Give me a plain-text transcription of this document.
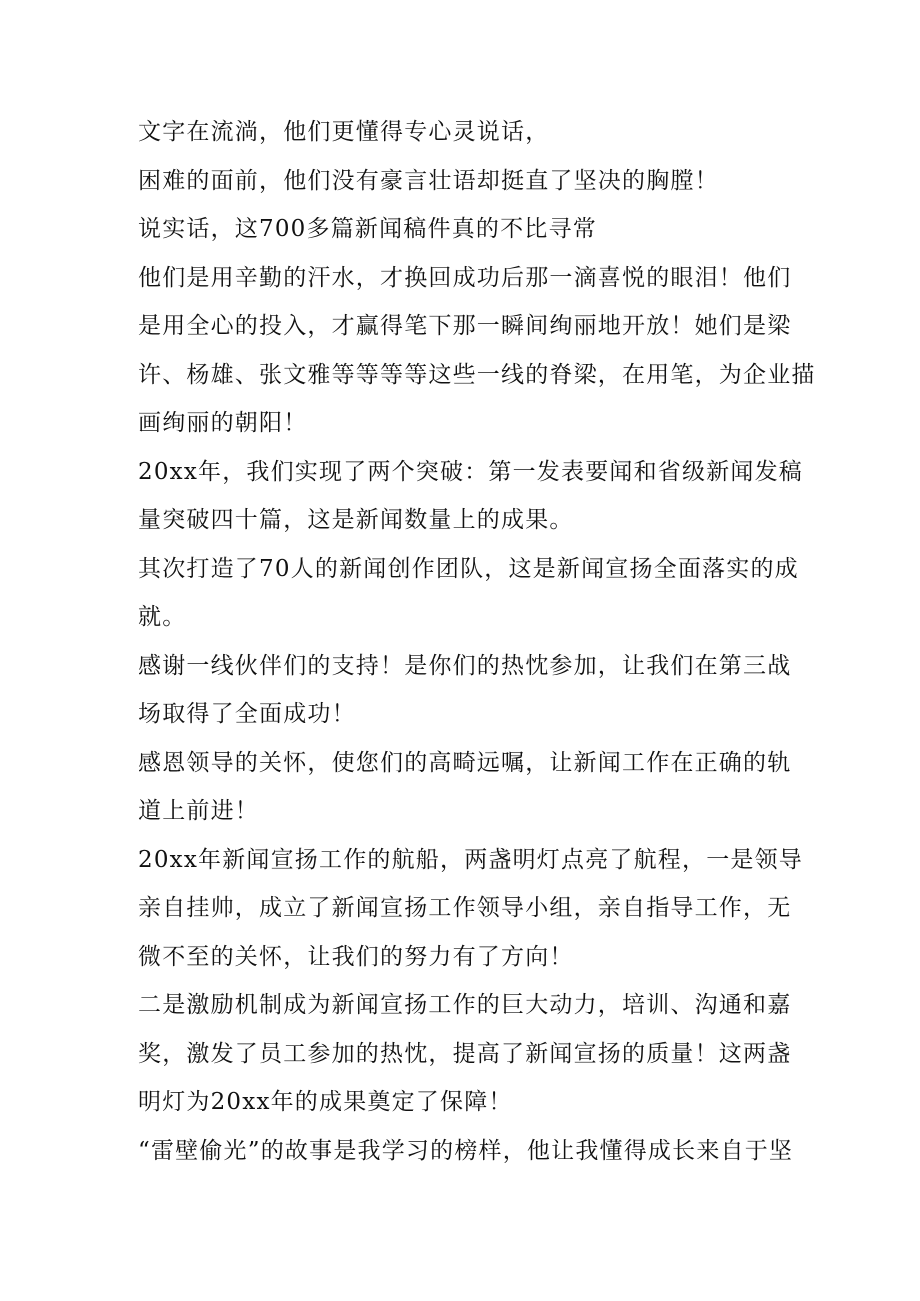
文字在流淌，他们更懂得专心灵说话，
困难的面前，他们没有豪言壮语却挺直了坚决的胸膛！
说实话，这700多篇新闻稿件真的不比寻常
他们是用辛勤的汗水，才换回成功后那一滴喜悦的眼泪！他们
是用全心的投入，才赢得笔下那一瞬间绚丽地开放！她们是梁
许、杨雄、张文雅等等等等这些一线的脊梁，在用笔，为企业描
画绚丽的朝阳！
20xx年，我们实现了两个突破：第一发表要闻和省级新闻发稿
量突破四十篇，这是新闻数量上的成果。
其次打造了70人的新闻创作团队，这是新闻宣扬全面落实的成
就。
感谢一线伙伴们的支持！是你们的热忱参加，让我们在第三战
场取得了全面成功！
感恩领导的关怀，使您们的高畸远嘱，让新闻工作在正确的轨
道上前进！
20xx年新闻宣扬工作的航船，两盏明灯点亮了航程，一是领导
亲自挂帅，成立了新闻宣扬工作领导小组，亲自指导工作，无
微不至的关怀，让我们的努力有了方向！
二是激励机制成为新闻宣扬工作的巨大动力，培训、沟通和嘉
奖，激发了员工参加的热忱，提高了新闻宣扬的质量！这两盏
明灯为20xx年的成果奠定了保障！
“雷壁偷光”的故事是我学习的榜样，他让我懂得成长来自于坚
